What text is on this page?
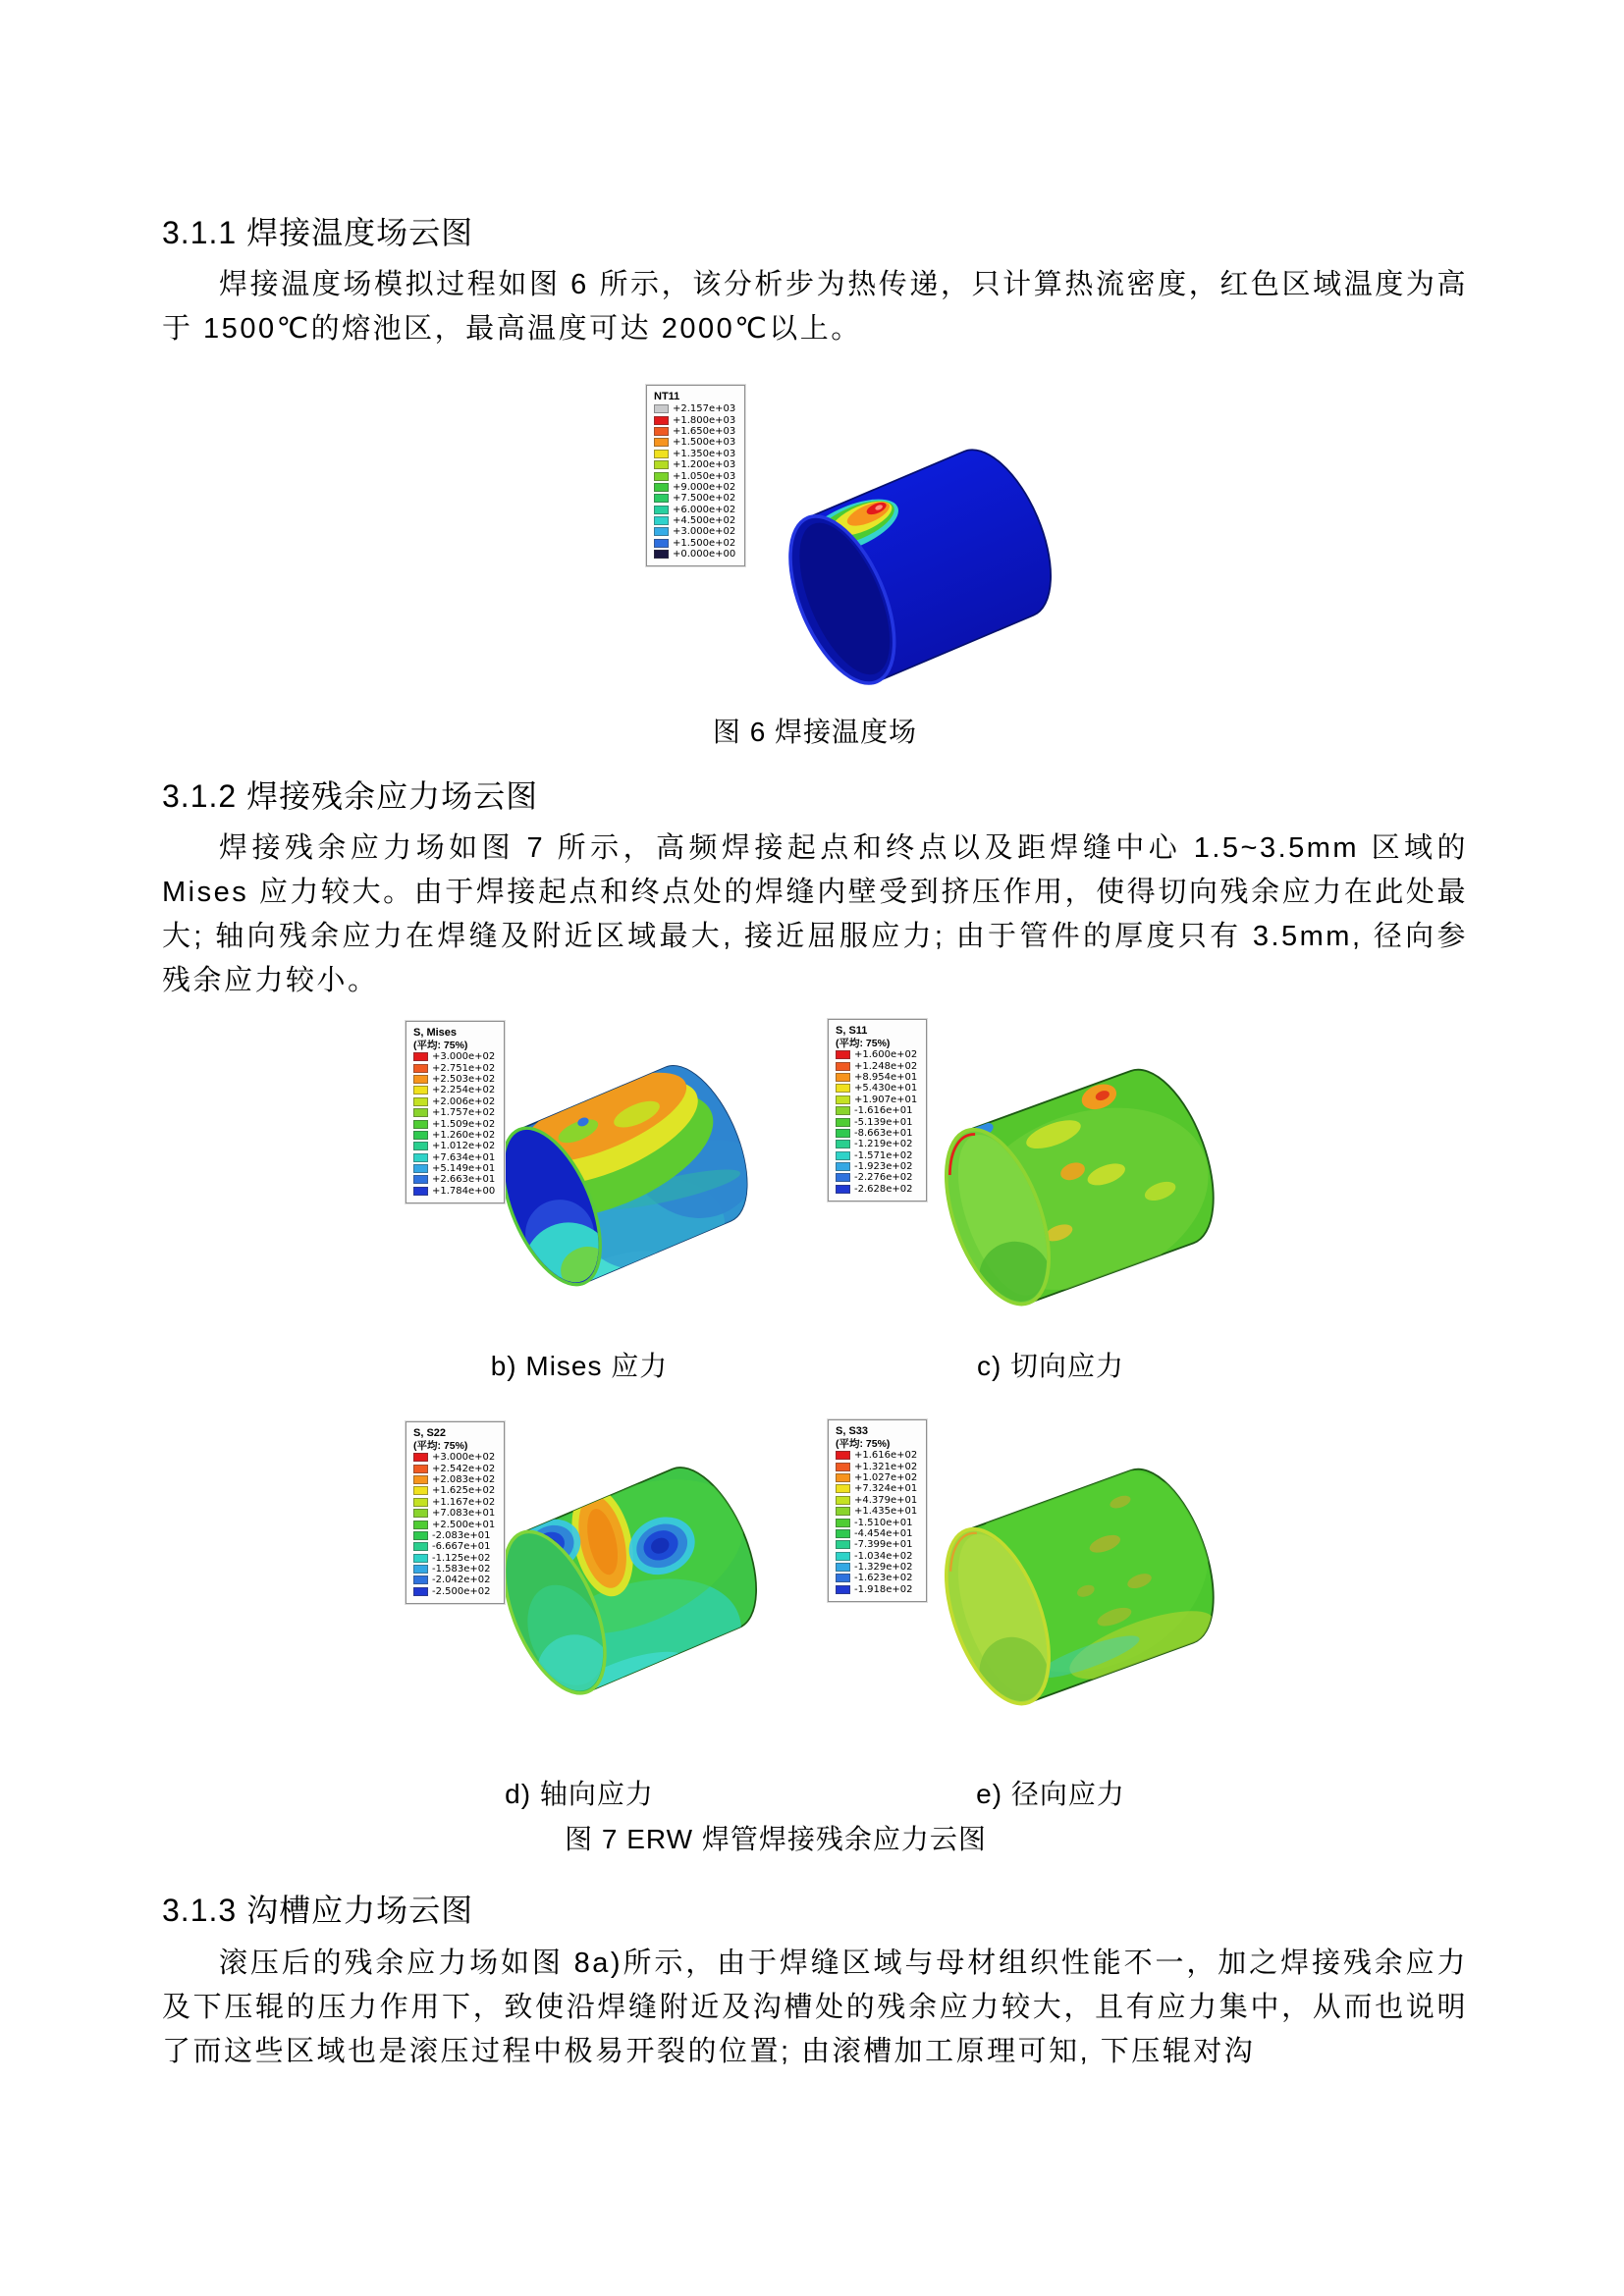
3.1.1 焊接温度场云图

焊接温度场模拟过程如图 6 所示，该分析步为热传递，只计算热流密度，红色区域温度为高于 1500℃的熔池区，最高温度可达 2000℃以上。

NT11
+2.157e+03
+1.800e+03
+1.650e+03
+1.500e+03
+1.350e+03
+1.200e+03
+1.050e+03
+9.000e+02
+7.500e+02
+6.000e+02
+4.500e+02
+3.000e+02
+1.500e+02
+0.000e+00
图 6 焊接温度场
3.1.2 焊接残余应力场云图

焊接残余应力场如图 7 所示，高频焊接起点和终点以及距焊缝中心 1.5~3.5mm 区域的 Mises 应力较大。由于焊接起点和终点处的焊缝内壁受到挤压作用，使得切向残余应力在此处最大; 轴向残余应力在焊缝及附近区域最大, 接近屈服应力; 由于管件的厚度只有 3.5mm, 径向参残余应力较小。

S, Mises
(平均: 75%)
+3.000e+02
+2.751e+02
+2.503e+02
+2.254e+02
+2.006e+02
+1.757e+02
+1.509e+02
+1.260e+02
+1.012e+02
+7.634e+01
+5.149e+01
+2.663e+01
+1.784e+00
S, S11
(平均: 75%)
+1.600e+02
+1.248e+02
+8.954e+01
+5.430e+01
+1.907e+01
-1.616e+01
-5.139e+01
-8.663e+01
-1.219e+02
-1.571e+02
-1.923e+02
-2.276e+02
-2.628e+02
b) Mises 应力	c) 切向应力
S, S22
(平均: 75%)
+3.000e+02
+2.542e+02
+2.083e+02
+1.625e+02
+1.167e+02
+7.083e+01
+2.500e+01
-2.083e+01
-6.667e+01
-1.125e+02
-1.583e+02
-2.042e+02
-2.500e+02
S, S33
(平均: 75%)
+1.616e+02
+1.321e+02
+1.027e+02
+7.324e+01
+4.379e+01
+1.435e+01
-1.510e+01
-4.454e+01
-7.399e+01
-1.034e+02
-1.329e+02
-1.623e+02
-1.918e+02
d) 轴向应力	e) 径向应力
图 7 ERW 焊管焊接残余应力云图
3.1.3 沟槽应力场云图

滚压后的残余应力场如图 8a)所示，由于焊缝区域与母材组织性能不一，加之焊接残余应力及下压辊的压力作用下，致使沿焊缝附近及沟槽处的残余应力较大，且有应力集中，从而也说明了而这些区域也是滚压过程中极易开裂的位置; 由滚槽加工原理可知, 下压辊对沟
